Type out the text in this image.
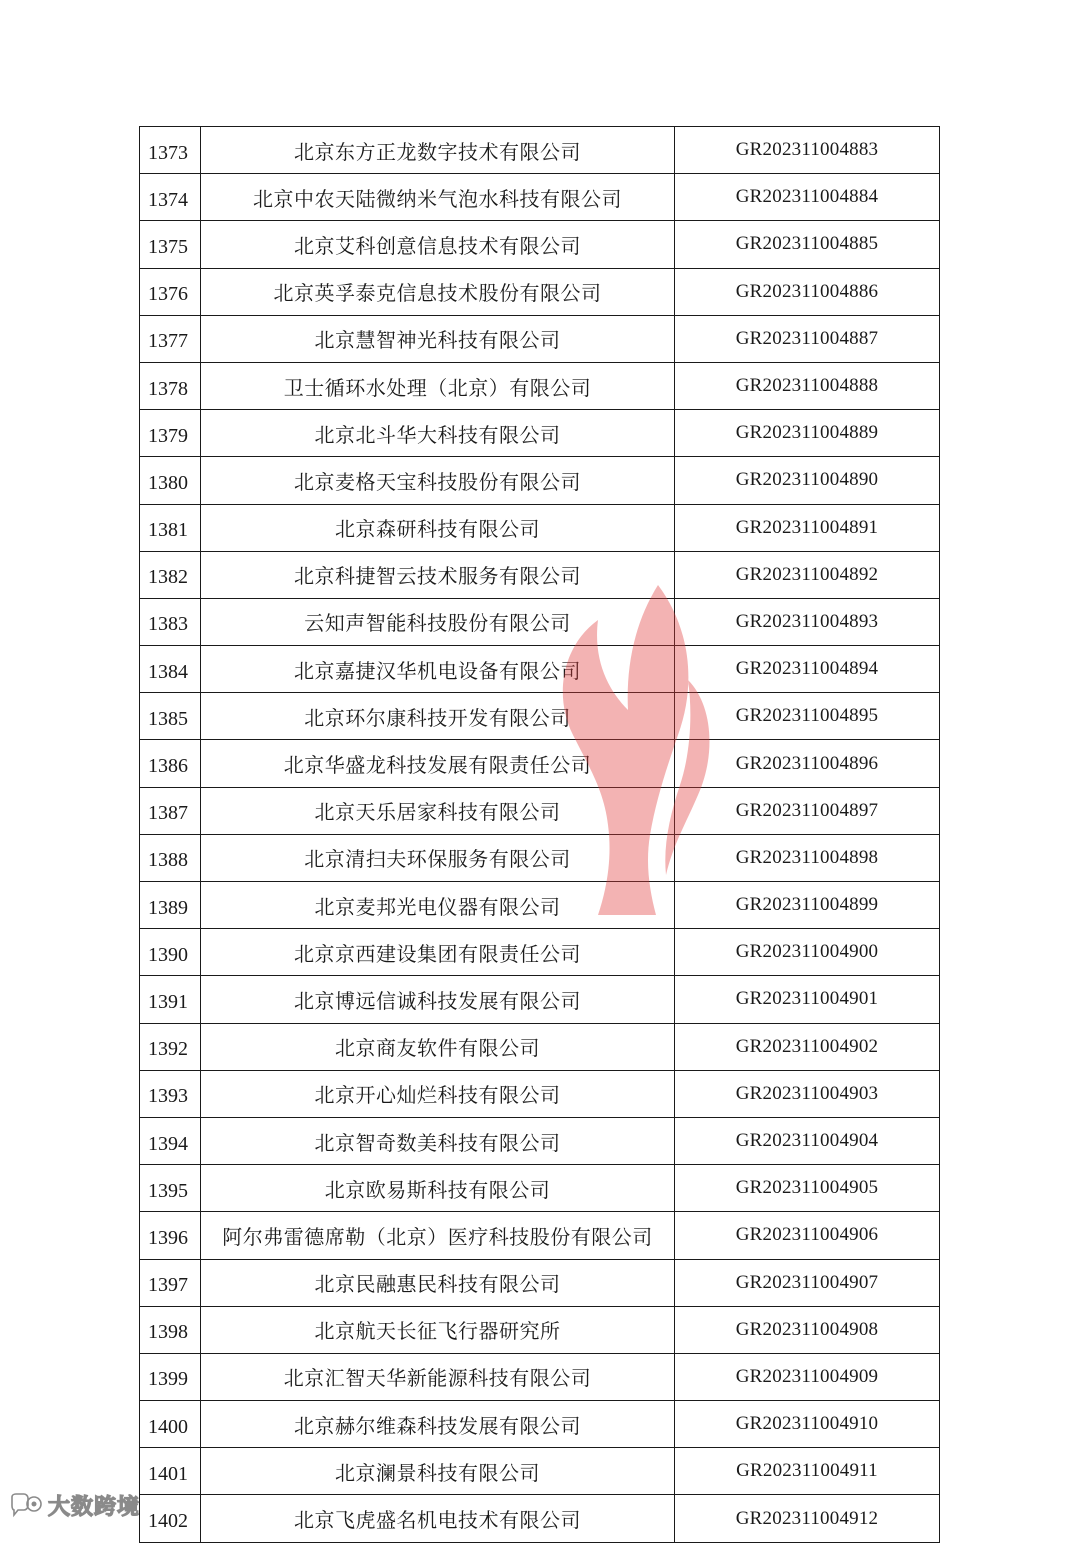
1373	北京东方正龙数字技术有限公司	GR202311004883
1374	北京中农天陆微纳米气泡水科技有限公司	GR202311004884
1375	北京艾科创意信息技术有限公司	GR202311004885
1376	北京英孚泰克信息技术股份有限公司	GR202311004886
1377	北京慧智神光科技有限公司	GR202311004887
1378	卫士循环水处理（北京）有限公司	GR202311004888
1379	北京北斗华大科技有限公司	GR202311004889
1380	北京麦格天宝科技股份有限公司	GR202311004890
1381	北京森研科技有限公司	GR202311004891
1382	北京科捷智云技术服务有限公司	GR202311004892
1383	云知声智能科技股份有限公司	GR202311004893
1384	北京嘉捷汉华机电设备有限公司	GR202311004894
1385	北京环尔康科技开发有限公司	GR202311004895
1386	北京华盛龙科技发展有限责任公司	GR202311004896
1387	北京天乐居家科技有限公司	GR202311004897
1388	北京清扫夫环保服务有限公司	GR202311004898
1389	北京麦邦光电仪器有限公司	GR202311004899
1390	北京京西建设集团有限责任公司	GR202311004900
1391	北京博远信诚科技发展有限公司	GR202311004901
1392	北京商友软件有限公司	GR202311004902
1393	北京开心灿烂科技有限公司	GR202311004903
1394	北京智奇数美科技有限公司	GR202311004904
1395	北京欧易斯科技有限公司	GR202311004905
1396	阿尔弗雷德席勒（北京）医疗科技股份有限公司	GR202311004906
1397	北京民融惠民科技有限公司	GR202311004907
1398	北京航天长征飞行器研究所	GR202311004908
1399	北京汇智天华新能源科技有限公司	GR202311004909
1400	北京赫尔维森科技发展有限公司	GR202311004910
1401	北京澜景科技有限公司	GR202311004911
1402	北京飞虎盛名机电技术有限公司	GR202311004912
大数跨境
